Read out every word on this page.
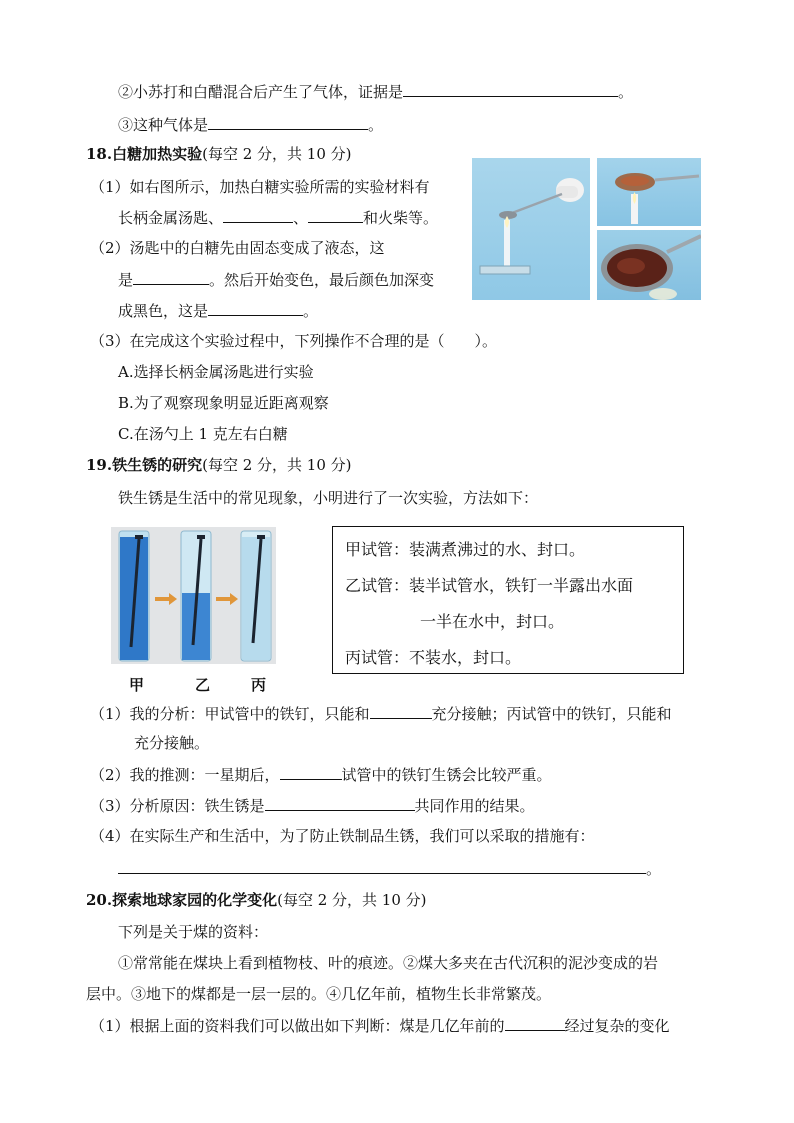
②小苏打和白醋混合后产生了气体，证据是	。
③这种气体是	。
18.白糖加热实验(每空 2 分，共 10 分)
（1）如右图所示，加热白糖实验所需的实验材料有
长柄金属汤匙、	、	和火柴等。
（2）汤匙中的白糖先由固态变成了液态，这
是	。然后开始变色，最后颜色加深变
成黑色，这是	。
（3）在完成这个实验过程中，下列操作不合理的是（　　）。
A.选择长柄金属汤匙进行实验
B.为了观察现象明显近距离观察
C.在汤勺上 1 克左右白糖
19.铁生锈的研究(每空 2 分，共 10 分)
铁生锈是生活中的常见现象，小明进行了一次实验，方法如下：
甲	乙	丙
甲试管：装满煮沸过的水、封口。
乙试管：装半试管水，铁钉一半露出水面
一半在水中，封口。
丙试管：不装水，封口。
（1）我的分析：甲试管中的铁钉，只能和	充分接触；丙试管中的铁钉，只能和
充分接触。
（2）我的推测：一星期后，	试管中的铁钉生锈会比较严重。
（3）分析原因：铁生锈是	共同作用的结果。
（4）在实际生产和生活中，为了防止铁制品生锈，我们可以采取的措施有：
。
20.探索地球家园的化学变化(每空 2 分，共 10 分)
下列是关于煤的资料：
①常常能在煤块上看到植物枝、叶的痕迹。②煤大多夹在古代沉积的泥沙变成的岩
层中。③地下的煤都是一层一层的。④几亿年前，植物生长非常繁茂。
（1）根据上面的资料我们可以做出如下判断：煤是几亿年前的	经过复杂的变化
